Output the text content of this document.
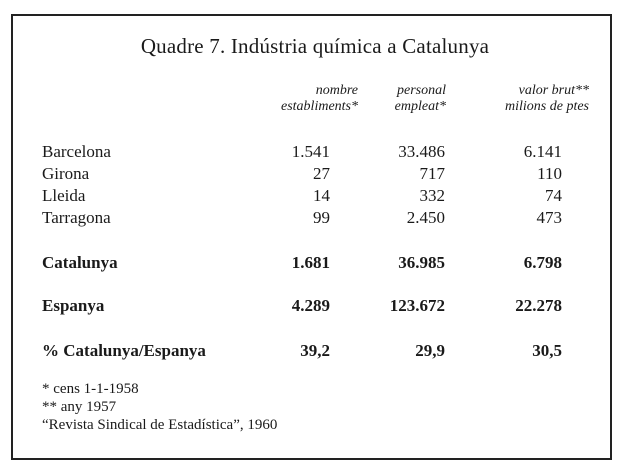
Quadre 7. Indústria química a Catalunya
nombre
establiments*
personal
empleat*
valor brut**
milions de ptes
Barcelona	1.541	33.486	6.141
Girona	27	717	110
Lleida	14	332	74
Tarragona	99	2.450	473
Catalunya	1.681	36.985	6.798
Espanya	4.289	123.672	22.278
% Catalunya/Espanya	39,2	29,9	30,5
* cens 1-1-1958
** any 1957
“Revista Sindical de Estadística”, 1960
